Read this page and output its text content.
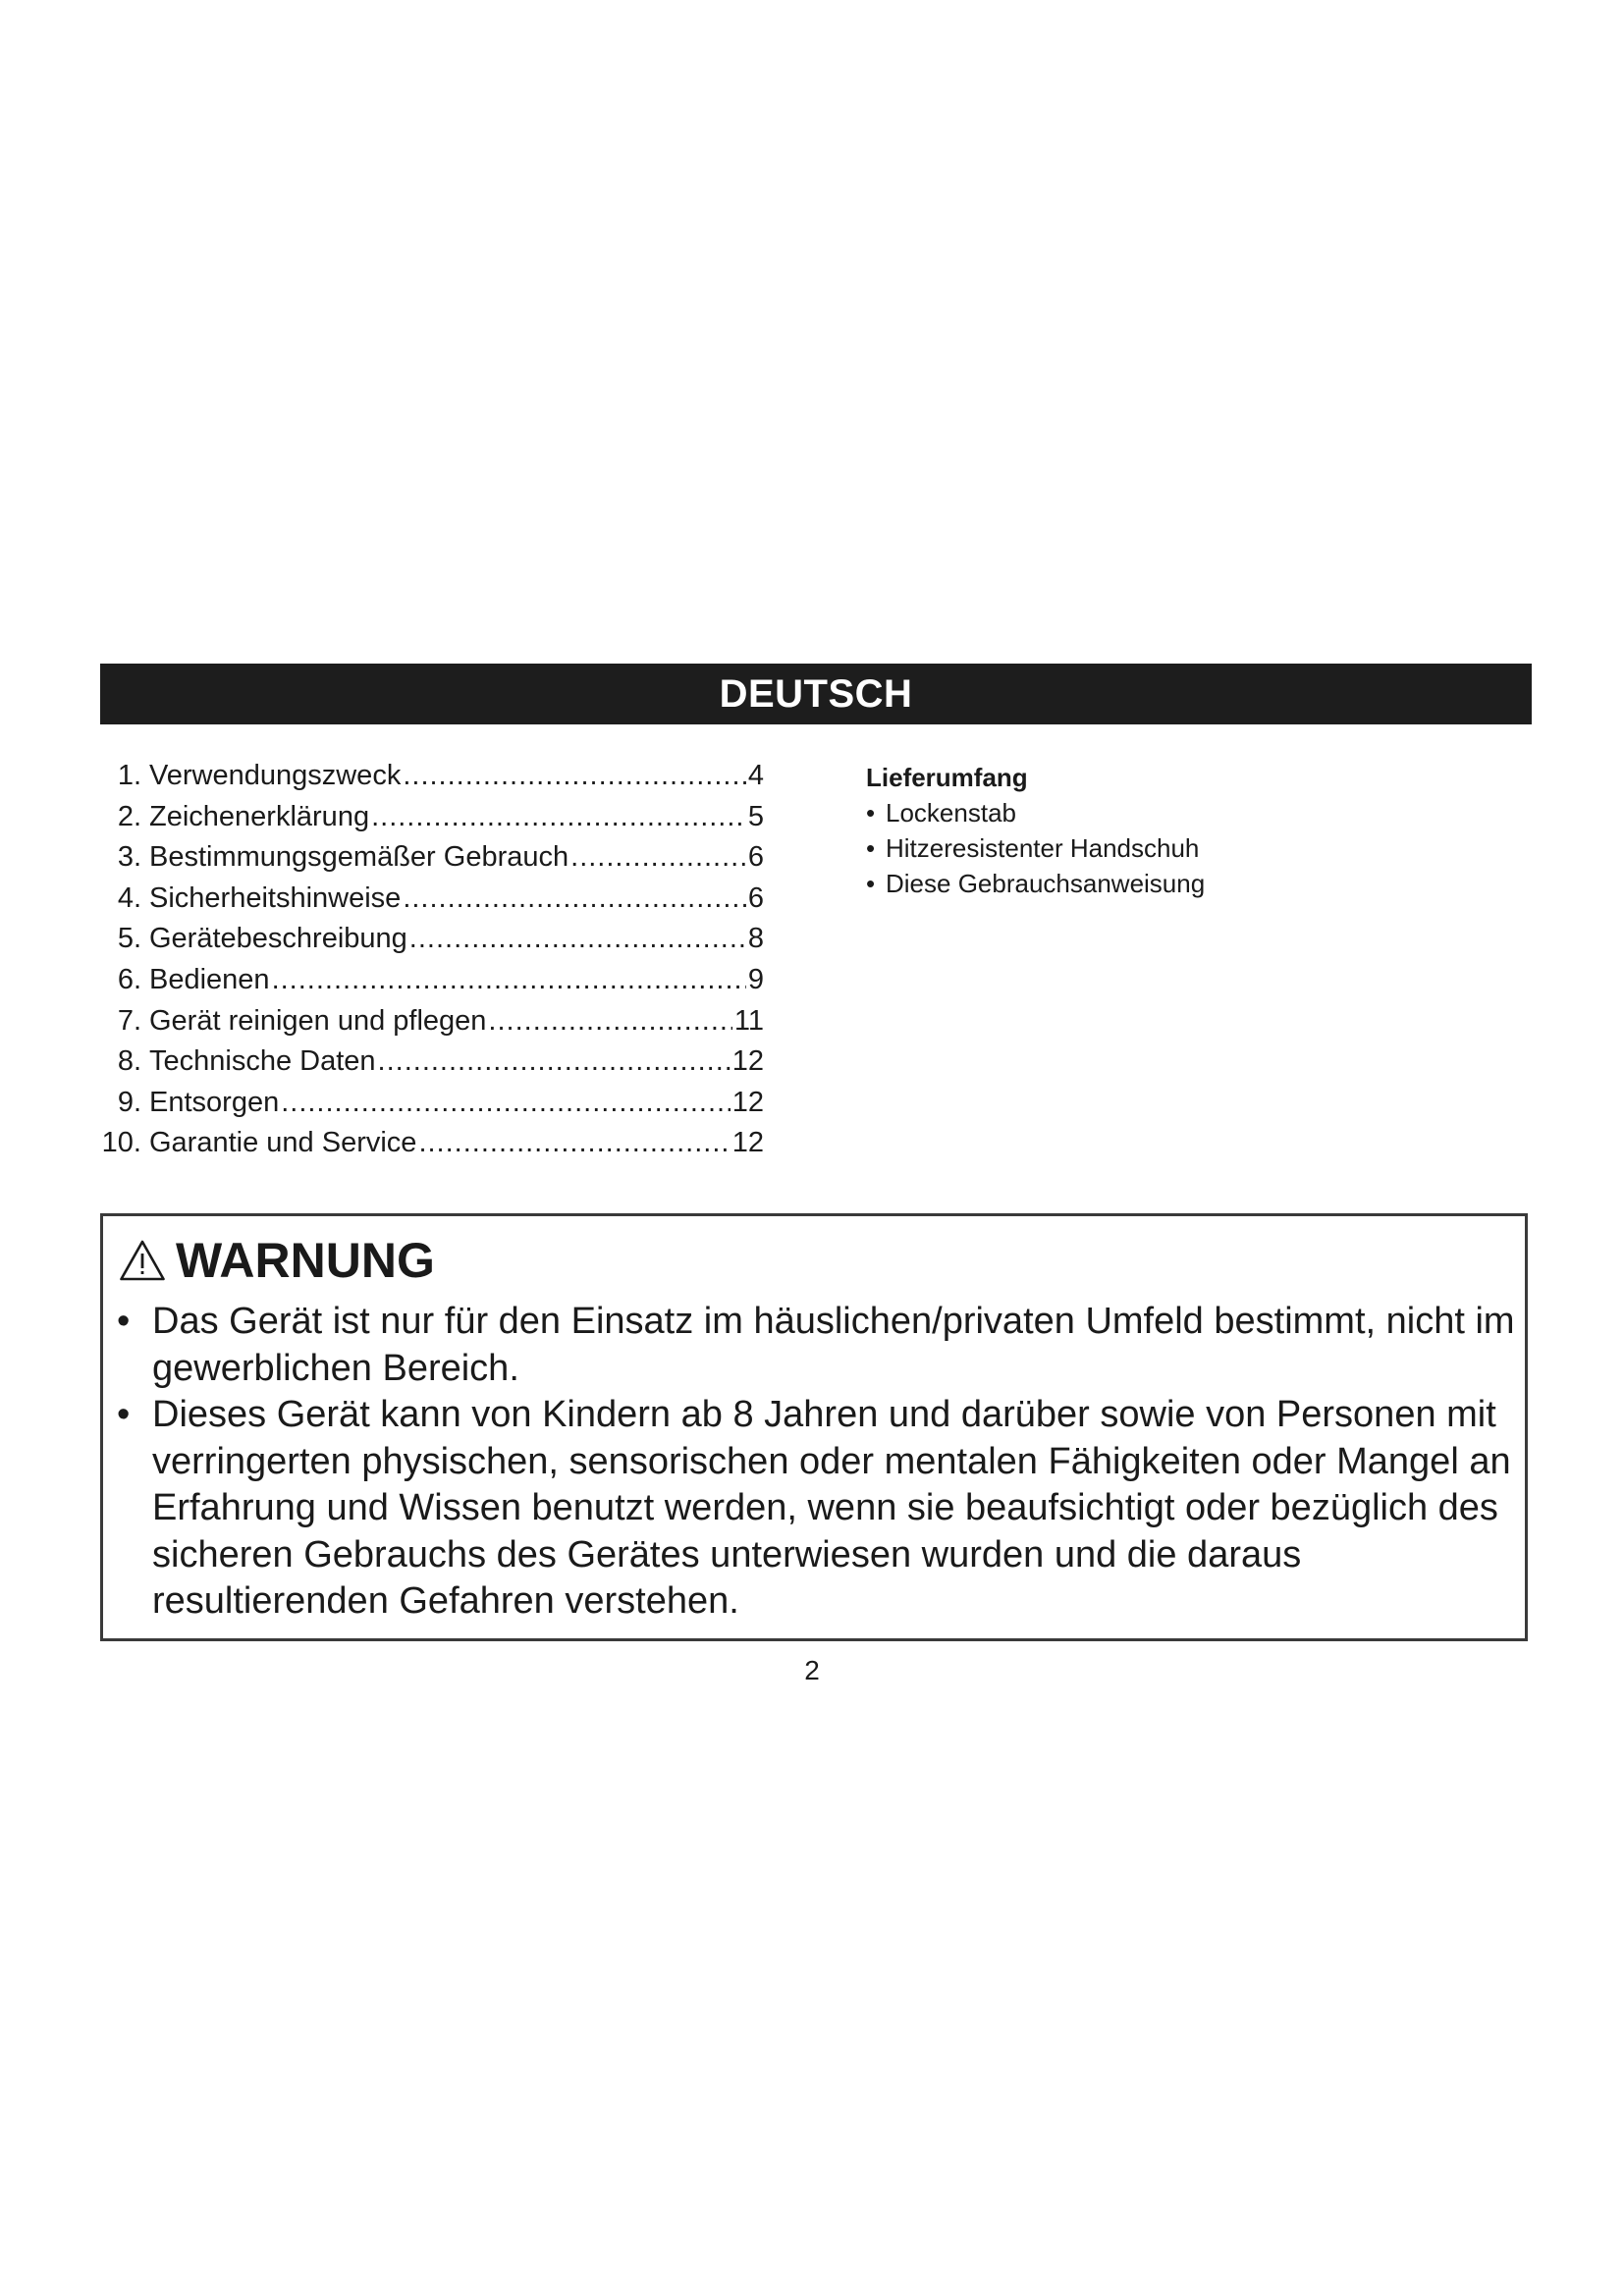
DEUTSCH
1. Verwendungszweck .....	4
2. Zeichenerklärung .....	5
3. Bestimmungsgemäßer Gebrauch .....	6
4. Sicherheitshinweise .....	6
5. Gerätebeschreibung .....	8
6. Bedienen .....	9
7. Gerät reinigen und pflegen .....	11
8. Technische Daten .....	12
9. Entsorgen .....	12
10. Garantie und Service .....	12
Lieferumfang
• Lockenstab
• Hitzeresistenter Handschuh
• Diese Gebrauchsanweisung
WARNUNG
• Das Gerät ist nur für den Einsatz im häuslichen/privaten Umfeld bestimmt, nicht im gewerblichen Bereich.
• Dieses Gerät kann von Kindern ab 8 Jahren und darüber sowie von Personen mit verringerten physischen, sensorischen oder mentalen Fähigkeiten oder Mangel an Erfahrung und Wissen benutzt werden, wenn sie beaufsichtigt oder bezüglich des sicheren Gebrauchs des Gerätes unterwiesen wurden und die daraus resultierenden Gefahren verstehen.
2
